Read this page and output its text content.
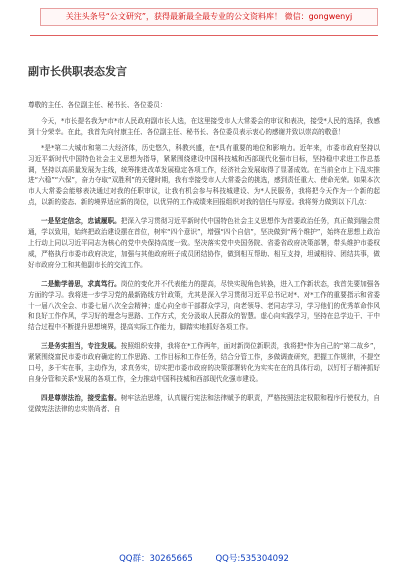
关注头条号“公文研究”，获得最新最全最专业的公文资料库！ 微信：gongwenyj
副市长供职表态发言

尊敬的主任、各位副主任、秘书长、各位委员：

今天，*市长提名我为*市*市人民政府副市长人选，在这里接受市人大常委会的审议和表决，接受*人民的选择，我感到十分荣幸。在此，我首先向付康主任、各位副主任、秘书长、各位委员表示衷心的感谢并致以崇高的敬意！

*是*第二大城市和第二大经济体，历史悠久，科教兴盛，在*具有重要的地位和影响力。近年来，市委市政府坚持以习近平新时代中国特色社会主义思想为指导，紧紧围绕建设中国科技城和西部现代化强市目标，坚持稳中求进工作总基调，坚持以高质量发展为主线，统筹推进改革发展稳定各项工作，经济社会发展取得了显著成效。在当前全市上下乱实推进“六稳”“六保”，奋力夺取“双胜利”的关键时期，我有幸接受市人大常委会的挑选，感到责任重大、使命光荣。如果本次市人大常委会能够表决通过对我的任职审议，让我有机会参与科技城建设、为*人民服务，我将把今天作为一个新的起点，以新的姿态、新的境界适应新的岗位，以优异的工作成绩来回报组织对我的信任与厚爱。我将努力做到以下几点：

一是坚定信念，忠诚履职。把深入学习贯彻习近平新时代中国特色社会主义思想作为首要政治任务，真正做到融会贯通，学以致用，始终把政治建设摆在首位，树牢“四个意识”，增强“四个自信”，坚决做到“两个维护”，始终在思想上政治上行动上同以习近平同志为核心的党中央保持高度一致。坚决落实党中央国务院、省委省政府决策部署，带头维护市委权威，严格执行市委市政府决定，加强与其他政府班子成员团结协作，做到相互帮助、相互支持，坦诚相待、团结共事，做好市政府分工和其他副市长的交流工作。

二是勤学善思，求真笃行。岗位的变化并不代表能力的提高，尽快实现角色转换，进入工作新状态，我首先要加强各方面的学习。我将进一步学习党的最新路线方针政策，尤其是深入学习贯彻习近平总书记对*、对*工作的重要指示和省委十一届八次全会、市委七届八次全会精神；虚心向全市干部群众学习，向老领导、老同志学习，学习他们的优秀革命作风和良好工作作风，学习好的理念与思路、工作方式，充分汲取人民群众的智慧。虚心向实践学习，坚持在总学边干、干中结合过程中不断提升思想境界，提高实际工作能力，脚踏实地抓好各项工作。

三是务实担当，专注发展。按照组织安排，我将在*工作两年，面对新岗位新职责，我将把*作为自己的“第二故乡”，紧紧围绕富民市委市政府确定的工作思路、工作目标和工作任务，结合分管工作，多做调查研究，把握工作规律，不提空口号，多干实在事，主动作为，求真务实，切实把市委市政府的决策部署转化为实实在在的具体行动，以钉钉子精神抓好自身分管和关系*发展的各项工作，全力推动中国科技城和西部现代化强市建设。

四是尊崇法治，接受监督。树牢法治思维，认真履行宪法和法律赋予的职责，严格按照法定权限和程序行使权力，自觉做宪法法律的忠实崇尚者、自

QQ群：30265665	QQ号:535304092
